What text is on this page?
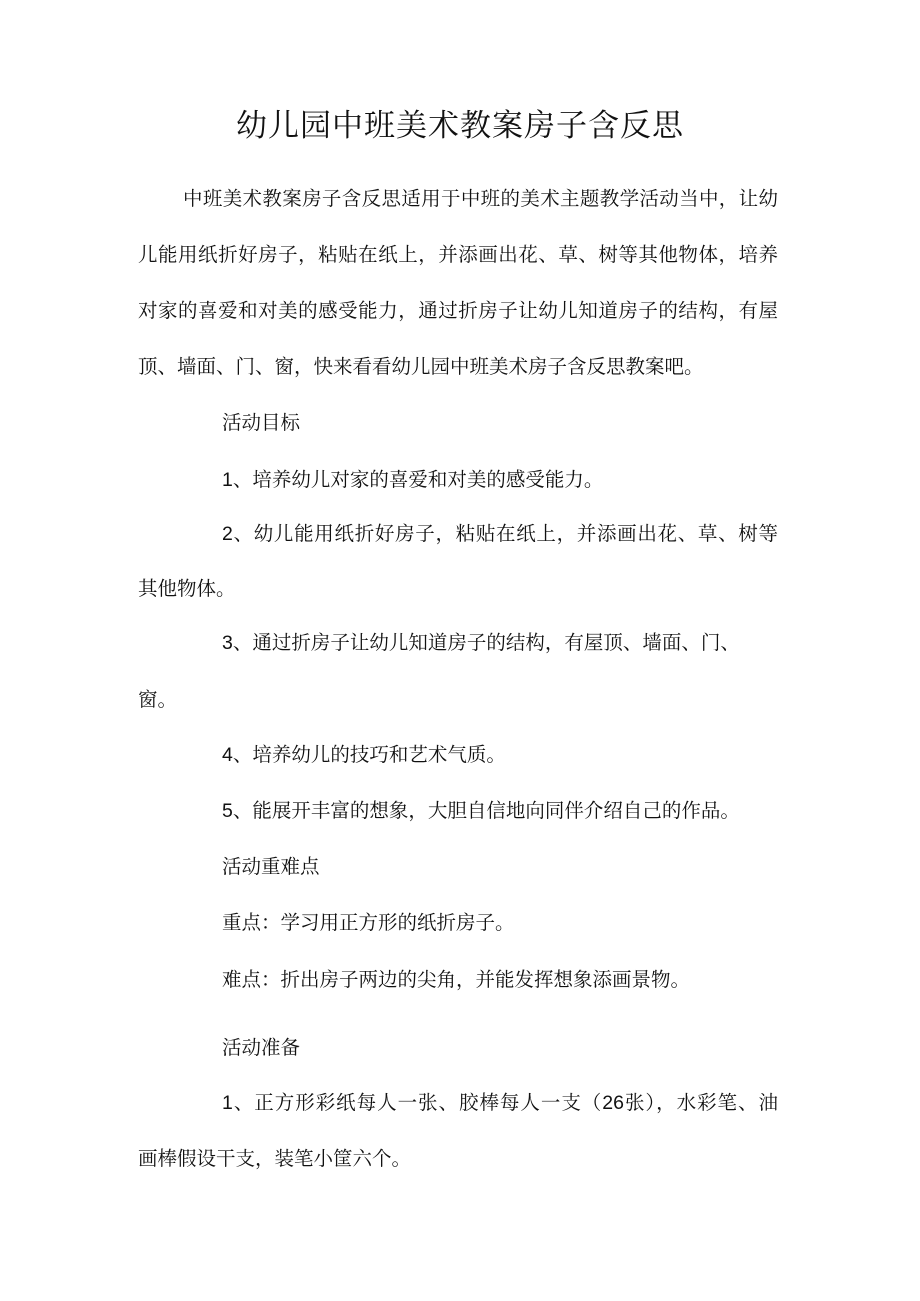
幼儿园中班美术教案房子含反思

中班美术教案房子含反思适用于中班的美术主题教学活动当中，让幼

儿能用纸折好房子，粘贴在纸上，并添画出花、草、树等其他物体，培养

对家的喜爱和对美的感受能力，通过折房子让幼儿知道房子的结构，有屋

顶、墙面、门、窗，快来看看幼儿园中班美术房子含反思教案吧。

活动目标

1、培养幼儿对家的喜爱和对美的感受能力。

2、幼儿能用纸折好房子，粘贴在纸上，并添画出花、草、树等

其他物体。

3、通过折房子让幼儿知道房子的结构，有屋顶、墙面、门、

窗。

4、培养幼儿的技巧和艺术气质。

5、能展开丰富的想象，大胆自信地向同伴介绍自己的作品。

活动重难点

重点：学习用正方形的纸折房子。

难点：折出房子两边的尖角，并能发挥想象添画景物。

活动准备

1、正方形彩纸每人一张、胶棒每人一支（26张），水彩笔、油

画棒假设干支，装笔小筐六个。
